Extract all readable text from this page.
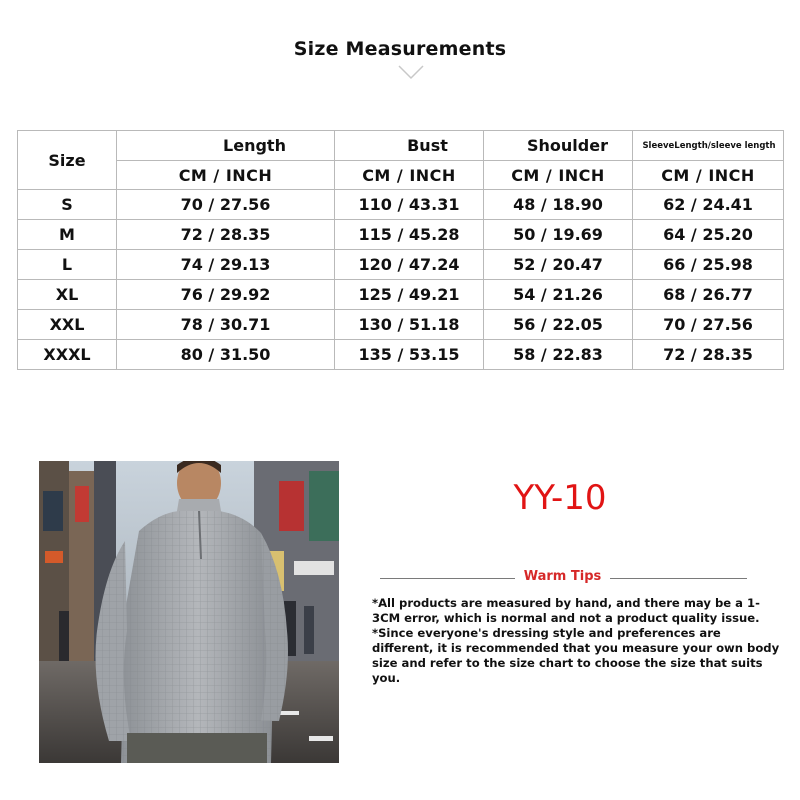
Size Measurements
Size	Length	Bust	Shoulder	SleeveLength/sleeve length
	CM / INCH	CM / INCH	CM / INCH	CM / INCH
S	70 / 27.56	110 / 43.31	48 / 18.90	62 / 24.41
M	72 / 28.35	115 / 45.28	50 / 19.69	64 / 25.20
L	74 / 29.13	120 / 47.24	52 / 20.47	66 / 25.98
XL	76 / 29.92	125 / 49.21	54 / 21.26	68 / 26.77
XXL	78 / 30.71	130 / 51.18	56 / 22.05	70 / 27.56
XXXL	80 / 31.50	135 / 53.15	58 / 22.83	72 / 28.35
YY-10
Warm Tips
*All products are measured by hand, and there may be a 1-3CM error, which is normal and not a product quality issue. *Since everyone's dressing style and preferences are different, it is recommended that you measure your own body size and refer to the size chart to choose the size that suits you.
